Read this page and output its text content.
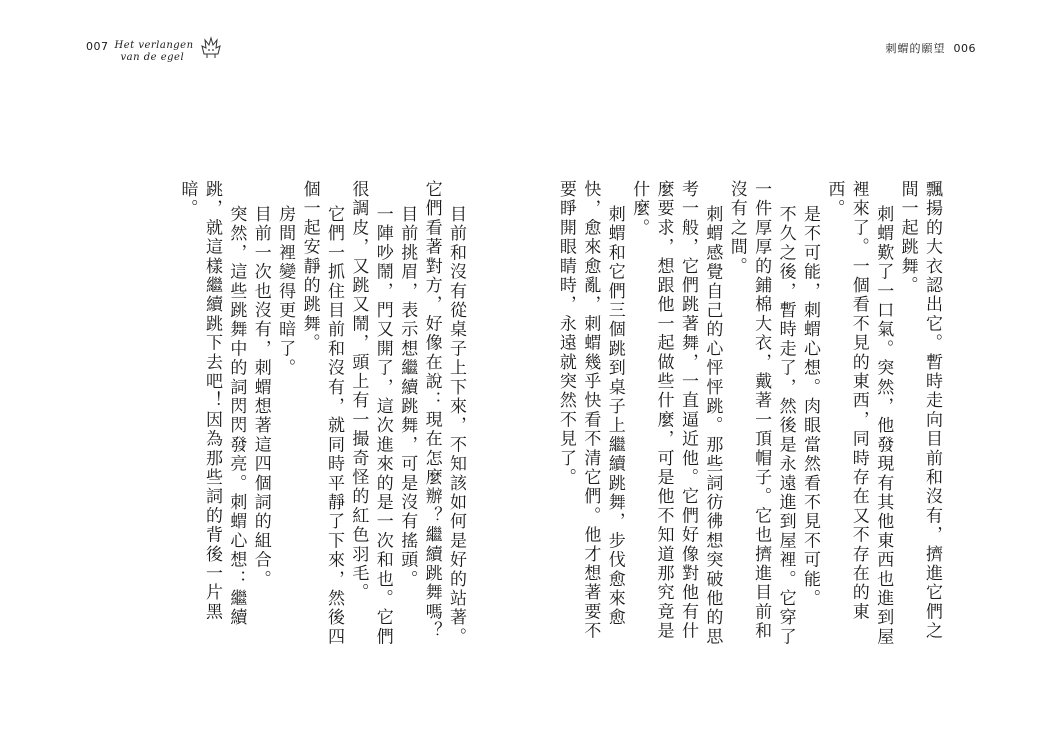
007 Het verlangen
van de egel
刺蝟的願望 006

飄揚的大衣認出它。暫時走向目前和沒有，擠進它們之間一起跳舞。

刺蝟歎了一口氣。突然，他發現有其他東西也進到屋裡來了。一個看不見的東西，同時存在又不存在的東西。

是不可能，刺蝟心想。肉眼當然看不見不可能。

不久之後，暫時走了，然後是永遠進到屋裡。它穿了一件厚厚的鋪棉大衣，戴著一頂帽子。它也擠進目前和沒有之間。

刺蝟感覺自己的心怦怦跳。那些詞彷彿想突破他的思考一般，它們跳著舞，一直逼近他。它們好像對他有什麼要求，想跟他一起做些什麼，可是他不知道那究竟是什麼。

刺蝟和它們三個跳到桌子上繼續跳舞，步伐愈來愈快，愈來愈亂，刺蝟幾乎快看不清它們。他才想著要不要睜開眼睛時，永遠就突然不見了。

目前和沒有從桌子上下來，不知該如何是好的站著。它們看著對方，好像在說：現在怎麼辦？繼續跳舞嗎？

目前挑眉，表示想繼續跳舞，可是沒有搖頭。

一陣吵鬧，門又開了，這次進來的是一次和也。它們很調皮，又跳又鬧，頭上有一撮奇怪的紅色羽毛。

它們一抓住目前和沒有，就同時平靜了下來，然後四個一起安靜的跳舞。

房間裡變得更暗了。

目前一次也沒有，刺蝟想著這四個詞的組合。

突然，這些跳舞中的詞閃閃發亮。刺蝟心想：繼續跳，就這樣繼續跳下去吧！因為那些詞的背後一片黑暗。
